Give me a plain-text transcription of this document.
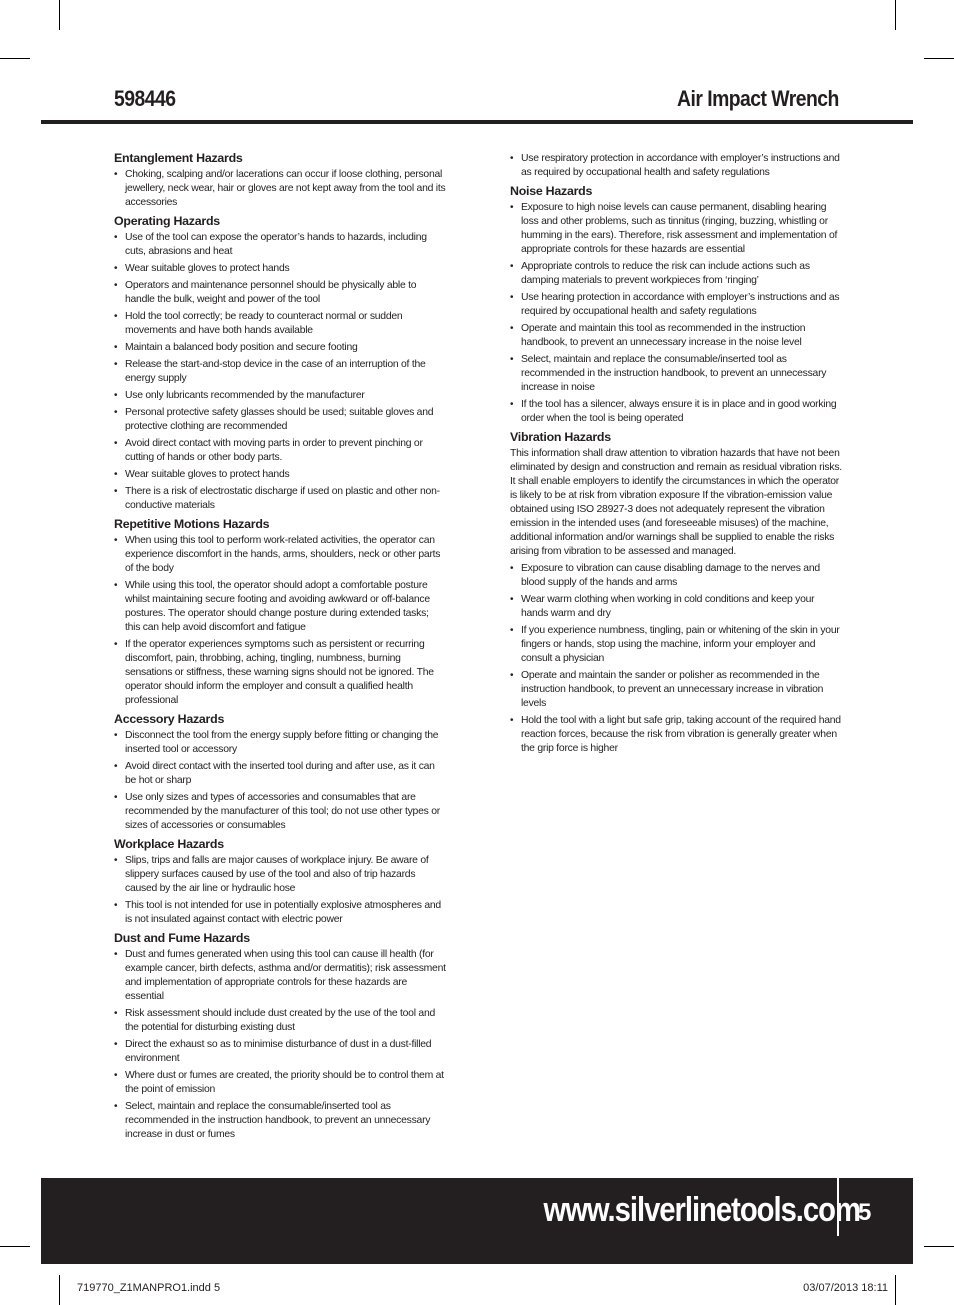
598446	Air Impact Wrench
Entanglement Hazards
• Choking, scalping and/or lacerations can occur if loose clothing, personal jewellery, neck wear, hair or gloves are not kept away from the tool and its accessories
Operating Hazards
• Use of the tool can expose the operator’s hands to hazards, including cuts, abrasions and heat
• Wear suitable gloves to protect hands
• Operators and maintenance personnel should be physically able to handle the bulk, weight and power of the tool
• Hold the tool correctly; be ready to counteract normal or sudden movements and have both hands available
• Maintain a balanced body position and secure footing
• Release the start-and-stop device in the case of an interruption of the energy supply
• Use only lubricants recommended by the manufacturer
• Personal protective safety glasses should be used; suitable gloves and protective clothing are recommended
• Avoid direct contact with moving parts in order to prevent pinching or cutting of hands or other body parts.
• Wear suitable gloves to protect hands
• There is a risk of electrostatic discharge if used on plastic and other non-conductive materials
Repetitive Motions Hazards
• When using this tool to perform work-related activities, the operator can experience discomfort in the hands, arms, shoulders, neck or other parts of the body
• While using this tool, the operator should adopt a comfortable posture whilst maintaining secure footing and avoiding awkward or off-balance postures. The operator should change posture during extended tasks; this can help avoid discomfort and fatigue
• If the operator experiences symptoms such as persistent or recurring discomfort, pain, throbbing, aching, tingling, numbness, burning sensations or stiffness, these warning signs should not be ignored. The operator should inform the employer and consult a qualified health professional
Accessory Hazards
• Disconnect the tool from the energy supply before fitting or changing the inserted tool or accessory
• Avoid direct contact with the inserted tool during and after use, as it can be hot or sharp
• Use only sizes and types of accessories and consumables that are recommended by the manufacturer of this tool; do not use other types or sizes of accessories or consumables
Workplace Hazards
• Slips, trips and falls are major causes of workplace injury. Be aware of slippery surfaces caused by use of the tool and also of trip hazards caused by the air line or hydraulic hose
• This tool is not intended for use in potentially explosive atmospheres and is not insulated against contact with electric power
Dust and Fume Hazards
• Dust and fumes generated when using this tool can cause ill health (for example cancer, birth defects, asthma and/or dermatitis); risk assessment and implementation of appropriate controls for these hazards are essential
• Risk assessment should include dust created by the use of the tool and the potential for disturbing existing dust
• Direct the exhaust so as to minimise disturbance of dust in a dust-filled environment
• Where dust or fumes are created, the priority should be to control them at the point of emission
• Select, maintain and replace the consumable/inserted tool as recommended in the instruction handbook, to prevent an unnecessary increase in dust or fumes
• Use respiratory protection in accordance with employer’s instructions and as required by occupational health and safety regulations
Noise Hazards
• Exposure to high noise levels can cause permanent, disabling hearing loss and other problems, such as tinnitus (ringing, buzzing, whistling or humming in the ears). Therefore, risk assessment and implementation of appropriate controls for these hazards are essential
• Appropriate controls to reduce the risk can include actions such as damping materials to prevent workpieces from ‘ringing’
• Use hearing protection in accordance with employer’s instructions and as required by occupational health and safety regulations
• Operate and maintain this tool as recommended in the instruction handbook, to prevent an unnecessary increase in the noise level
• Select, maintain and replace the consumable/inserted tool as recommended in the instruction handbook, to prevent an unnecessary increase in noise
• If the tool has a silencer, always ensure it is in place and in good working order when the tool is being operated
Vibration Hazards

This information shall draw attention to vibration hazards that have not been eliminated by design and construction and remain as residual vibration risks. It shall enable employers to identify the circumstances in which the operator is likely to be at risk from vibration exposure If the vibration-emission value obtained using ISO 28927-3 does not adequately represent the vibration emission in the intended uses (and foreseeable misuses) of the machine, additional information and/or warnings shall be supplied to enable the risks arising from vibration to be assessed and managed.

• Exposure to vibration can cause disabling damage to the nerves and blood supply of the hands and arms
• Wear warm clothing when working in cold conditions and keep your hands warm and dry
• If you experience numbness, tingling, pain or whitening of the skin in your fingers or hands, stop using the machine, inform your employer and consult a physician
• Operate and maintain the sander or polisher as recommended in the instruction handbook, to prevent an unnecessary increase in vibration levels
• Hold the tool with a light but safe grip, taking account of the required hand reaction forces, because the risk from vibration is generally greater when the grip force is higher
www.silverlinetools.com
5
719770_Z1MANPRO1.indd 5	03/07/2013 18:11
